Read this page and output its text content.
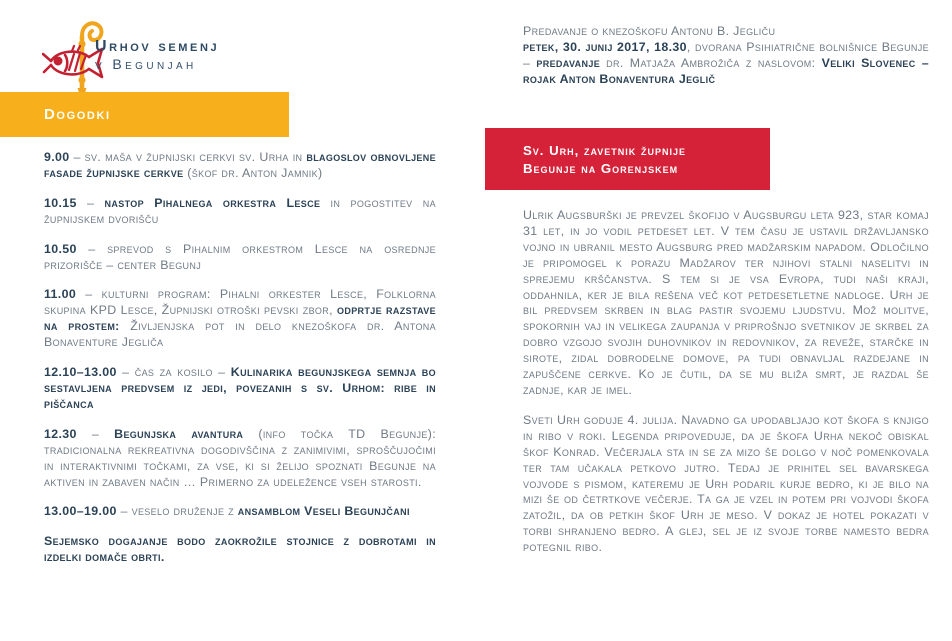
Urhov semenj
v Begunjah
Dogodki

9.00 – sv. maša v župnijski cerkvi sv. Urha in blagoslov obnovljene fasade župnijske cerkve (škof dr. Anton Jamnik)

10.15 – nastop Pihalnega orkestra Lesce in pogostitev na župnijskem dvorišču

10.50 – sprevod s Pihalnim orkestrom Lesce na osrednje prizorišče – center Begunj

11.00 – kulturni program: Pihalni orkester Lesce, Folklorna skupina KPD Lesce, Župnijski otroški pevski zbor, odprtje razstave na prostem: Življenjska pot in delo knezoškofa dr. Antona Bonaventure Jegliča

12.10–13.00 – čas za kosilo – Kulinarika begunjskega semnja bo sestavljena predvsem iz jedi, povezanih s sv. Urhom: ribe in piščanca

12.30 – Begunjska avantura (info točka TD Begunje): tradicionalna rekreativna dogodivščina z zanimivimi, sproščujočimi in interaktivnimi točkami, za vse, ki si želijo spoznati Begunje na aktiven in zabaven način … Primerno za udeležence vseh starosti.

13.00–19.00 – veselo druženje z ansamblom Veseli Begunjčani

Sejemsko dogajanje bodo zaokrožile stojnice z dobrotami in izdelki domače obrti.

Predavanje o knezoškofu Antonu B. Jegliču

petek, 30. junij 2017, 18.30, dvorana Psihiatrične bolnišnice Begunje – predavanje dr. Matjaža Ambrožiča z naslovom: Veliki Slovenec – rojak Anton Bonaventura Jeglič

Sv. Urh, zavetnik župnije
Begunje na Gorenjskem

Ulrik Augsburški je prevzel škofijo v Augsburgu leta 923, star komaj 31 let, in jo vodil petdeset let. V tem času je ustavil državljansko vojno in ubranil mesto Augsburg pred madžarskim napadom. Odločilno je pripomogel k porazu Madžarov ter njihovi stalni naselitvi in sprejemu krščanstva. S tem si je vsa Evropa, tudi naši kraji, oddahnila, ker je bila rešena več kot petdesetletne nadloge. Urh je bil predvsem skrben in blag pastir svojemu ljudstvu. Mož molitve, spokornih vaj in velikega zaupanja v priprošnjo svetnikov je skrbel za dobro vzgojo svojih duhovnikov in redovnikov, za reveže, starčke in sirote, zidal dobrodelne domove, pa tudi obnavljal razdejane in zapuščene cerkve. Ko je čutil, da se mu bliža smrt, je razdal še zadnje, kar je imel.

Sveti Urh goduje 4. julija. Navadno ga upodabljajo kot škofa s knjigo in ribo v roki. Legenda pripoveduje, da je škofa Urha nekoč obiskal škof Konrad. Večerjala sta in se za mizo še dolgo v noč pomenkovala ter tam učakala petkovo jutro. Tedaj je prihitel sel bavarskega vojvode s pismom, kateremu je Urh podaril kurje bedro, ki je bilo na mizi še od četrtkove večerje. Ta ga je vzel in potem pri vojvodi škofa zatožil, da ob petkih škof Urh je meso. V dokaz je hotel pokazati v torbi shranjeno bedro. A glej, sel je iz svoje torbe namesto bedra potegnil ribo.
